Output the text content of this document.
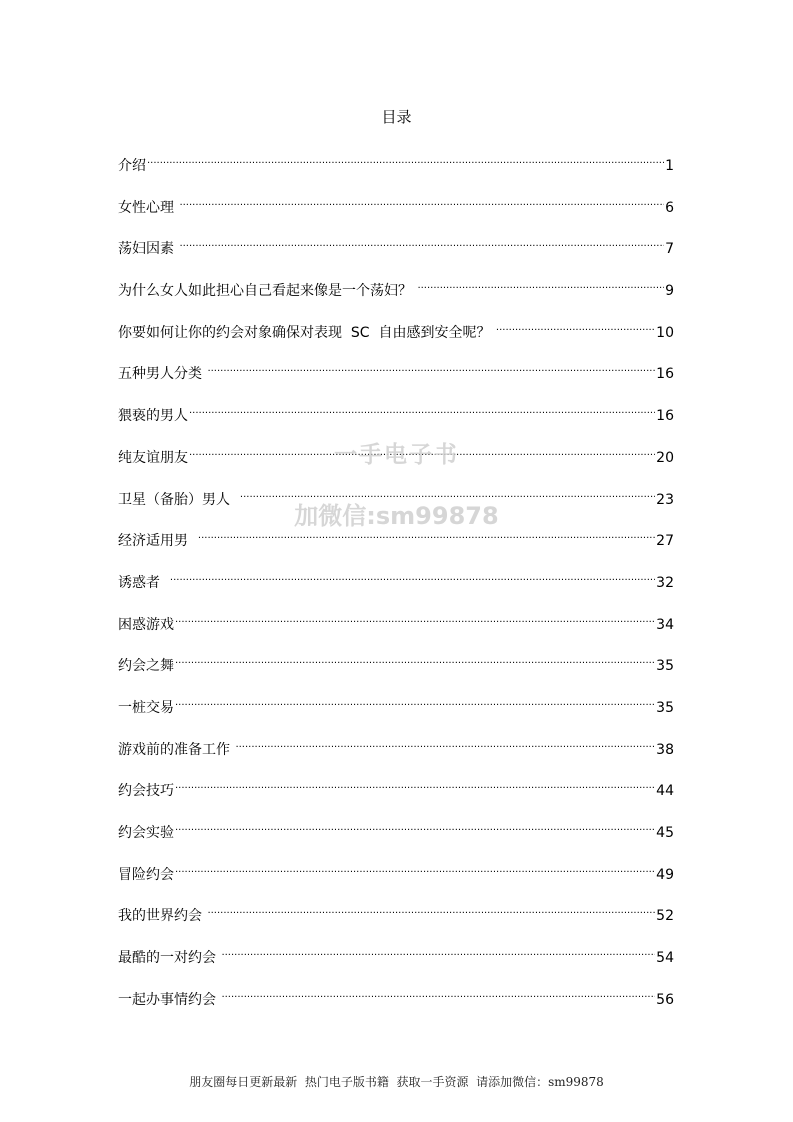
目录
介绍 .....	1
女性心理 .....	6
荡妇因素 .....	7
为什么女人如此担心自己看起来像是一个荡妇？ .....	9
你要如何让你的约会对象确保对表现  SC  自由感到安全呢？ .....	10
五种男人分类 .....	16
猥亵的男人 .....	16
纯友谊朋友 .....	20
卫星（备胎）男人 .....	23
经济适用男 .....	27
诱惑者 .....	32
困惑游戏 .....	34
约会之舞 .....	35
一桩交易 .....	35
游戏前的准备工作 .....	38
约会技巧 .....	44
约会实验 .....	45
冒险约会 .....	49
我的世界约会 .....	52
最酷的一对约会 .....	54
一起办事情约会 .....	56
一手电子书
加微信:sm99878
朋友圈每日更新最新  热门电子版书籍  获取一手资源  请添加微信：sm99878
